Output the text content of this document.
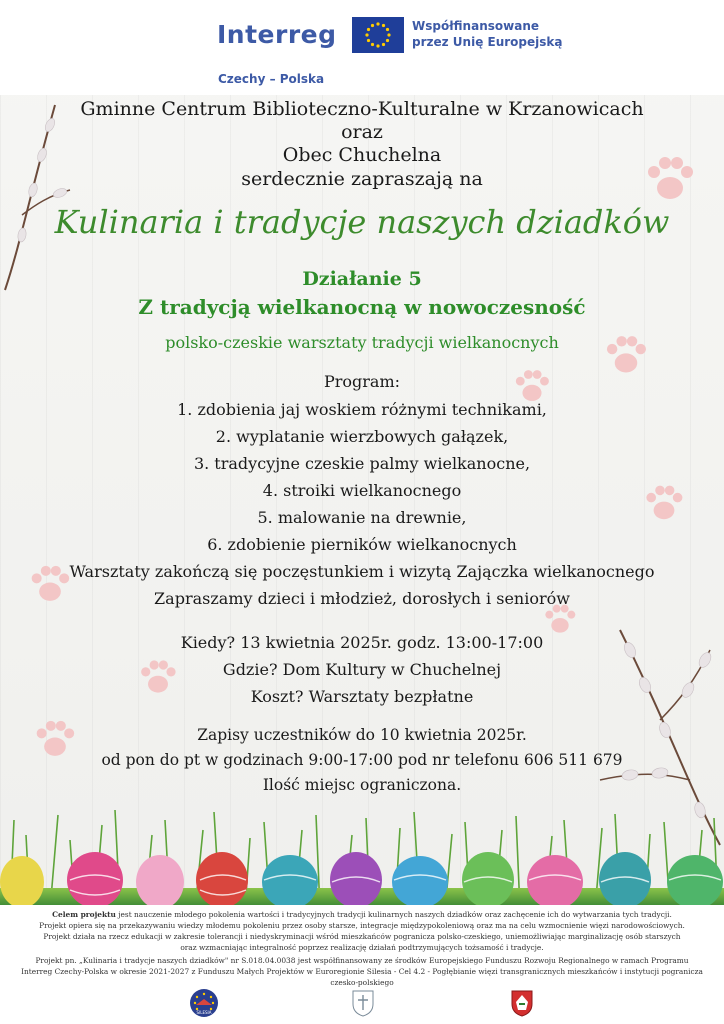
Interreg	Współfinansowane
przez Unię Europejską
Czechy – Polska
Gminne Centrum Biblioteczno-Kulturalne w Krzanowicach
oraz
Obec Chuchelna
serdecznie zapraszają na
Kulinaria i tradycje naszych dziadków
Działanie 5
Z tradycją wielkanocną w nowoczesność
polsko-czeskie warsztaty tradycji wielkanocnych
Program:
1. zdobienia jaj woskiem różnymi technikami,
2. wyplatanie wierzbowych gałązek,
3. tradycyjne czeskie palmy wielkanocne,
4. stroiki wielkanocnego
5. malowanie na drewnie,
6. zdobienie pierników wielkanocnych
Warsztaty zakończą się poczęstunkiem i wizytą Zajączka wielkanocnego
Zapraszamy dzieci i młodzież, dorosłych i seniorów
Kiedy? 13 kwietnia 2025r. godz. 13:00-17:00
Gdzie? Dom Kultury w Chuchelnej
Koszt? Warsztaty bezpłatne
Zapisy uczestników do 10 kwietnia 2025r.
od pon do pt w godzinach 9:00-17:00 pod nr telefonu 606 511 679
Ilość miejsc ograniczona.
Celem projektu jest nauczenie młodego pokolenia wartości i tradycyjnych tradycji kulinarnych naszych dziadków oraz zachęcenie ich do wytwarzania tych tradycji.
Projekt opiera się na przekazywaniu wiedzy młodemu pokoleniu przez osoby starsze, integracje międzypokoleniową oraz ma na celu wzmocnienie więzi narodowościowych.
Projekt działa na rzecz edukacji w zakresie tolerancji i niedyskryminacji wśród mieszkańców pogranicza polsko-czeskiego, uniemożliwiając marginalizację osób starszych
oraz wzmacniając integralność poprzez realizację działań podtrzymujących tożsamość i tradycje.
Projekt pn. „Kulinaria i tradycje naszych dziadków" nr S.018.04.0038 jest współfinansowany ze środków Europejskiego Funduszu Rozwoju Regionalnego w ramach Programu
Interreg Czechy-Polska w okresie 2021-2027 z Funduszu Małych Projektów w Euroregionie Silesia - Cel 4.2 - Pogłębianie więzi transgranicznych mieszkańców i instytucji pogranicza
czesko-polskiego
SILESIA
